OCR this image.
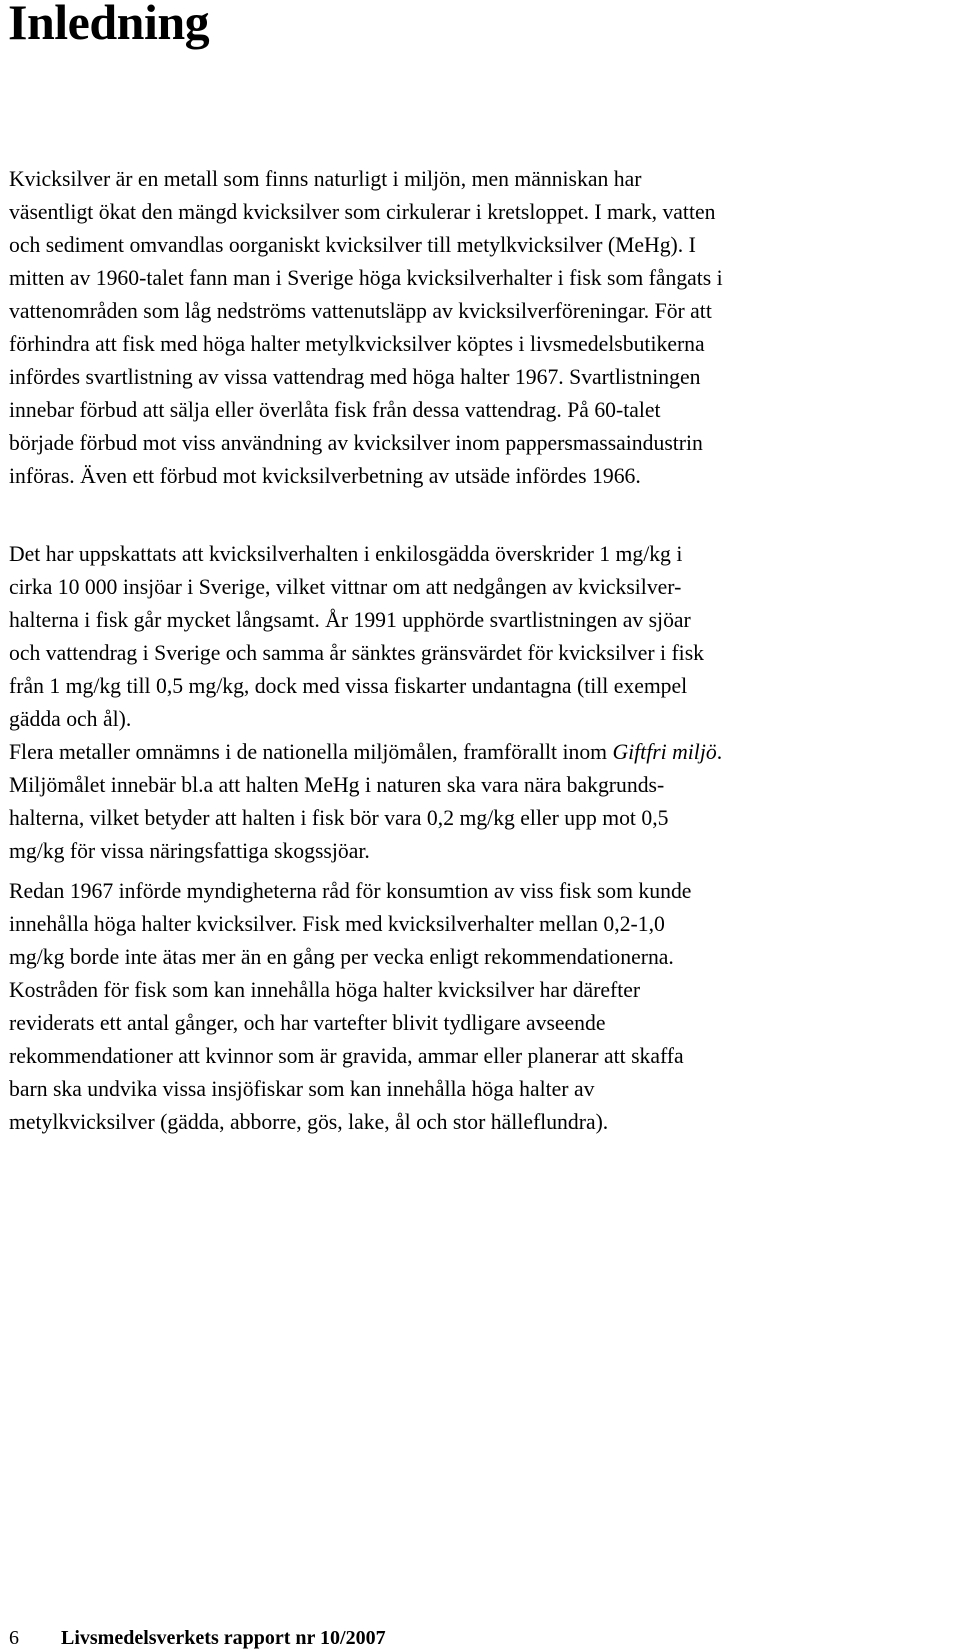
Inledning

Kvicksilver är en metall som finns naturligt i miljön, men människan har
väsentligt ökat den mängd kvicksilver som cirkulerar i kretsloppet. I mark, vatten
och sediment omvandlas oorganiskt kvicksilver till metylkvicksilver (MeHg). I
mitten av 1960-talet fann man i Sverige höga kvicksilverhalter i fisk som fångats i
vattenområden som låg nedströms vattenutsläpp av kvicksilverföreningar. För att
förhindra att fisk med höga halter metylkvicksilver köptes i livsmedelsbutikerna
infördes svartlistning av vissa vattendrag med höga halter 1967. Svartlistningen
innebar förbud att sälja eller överlåta fisk från dessa vattendrag. På 60-talet
började förbud mot viss användning av kvicksilver inom pappersmassaindustrin
införas. Även ett förbud mot kvicksilverbetning av utsäde infördes 1966.

Det har uppskattats att kvicksilverhalten i enkilosgädda överskrider 1 mg/kg i
cirka 10 000 insjöar i Sverige, vilket vittnar om att nedgången av kvicksilver-
halterna i fisk går mycket långsamt. År 1991 upphörde svartlistningen av sjöar
och vattendrag i Sverige och samma år sänktes gränsvärdet för kvicksilver i fisk
från 1 mg/kg till 0,5 mg/kg, dock med vissa fiskarter undantagna (till exempel
gädda och ål).
Flera metaller omnämns i de nationella miljömålen, framförallt inom Giftfri miljö.
Miljömålet innebär bl.a att halten MeHg i naturen ska vara nära bakgrunds-
halterna, vilket betyder att halten i fisk bör vara 0,2 mg/kg eller upp mot 0,5
mg/kg för vissa näringsfattiga skogssjöar.

Redan 1967 införde myndigheterna råd för konsumtion av viss fisk som kunde
innehålla höga halter kvicksilver. Fisk med kvicksilverhalter mellan 0,2-1,0
mg/kg borde inte ätas mer än en gång per vecka enligt rekommendationerna.
Kostråden för fisk som kan innehålla höga halter kvicksilver har därefter
reviderats ett antal gånger, och har vartefter blivit tydligare avseende
rekommendationer att kvinnor som är gravida, ammar eller planerar att skaffa
barn ska undvika vissa insjöfiskar som kan innehålla höga halter av
metylkvicksilver (gädda, abborre, gös, lake, ål och stor hälleflundra).

6 Livsmedelsverkets rapport nr 10/2007
